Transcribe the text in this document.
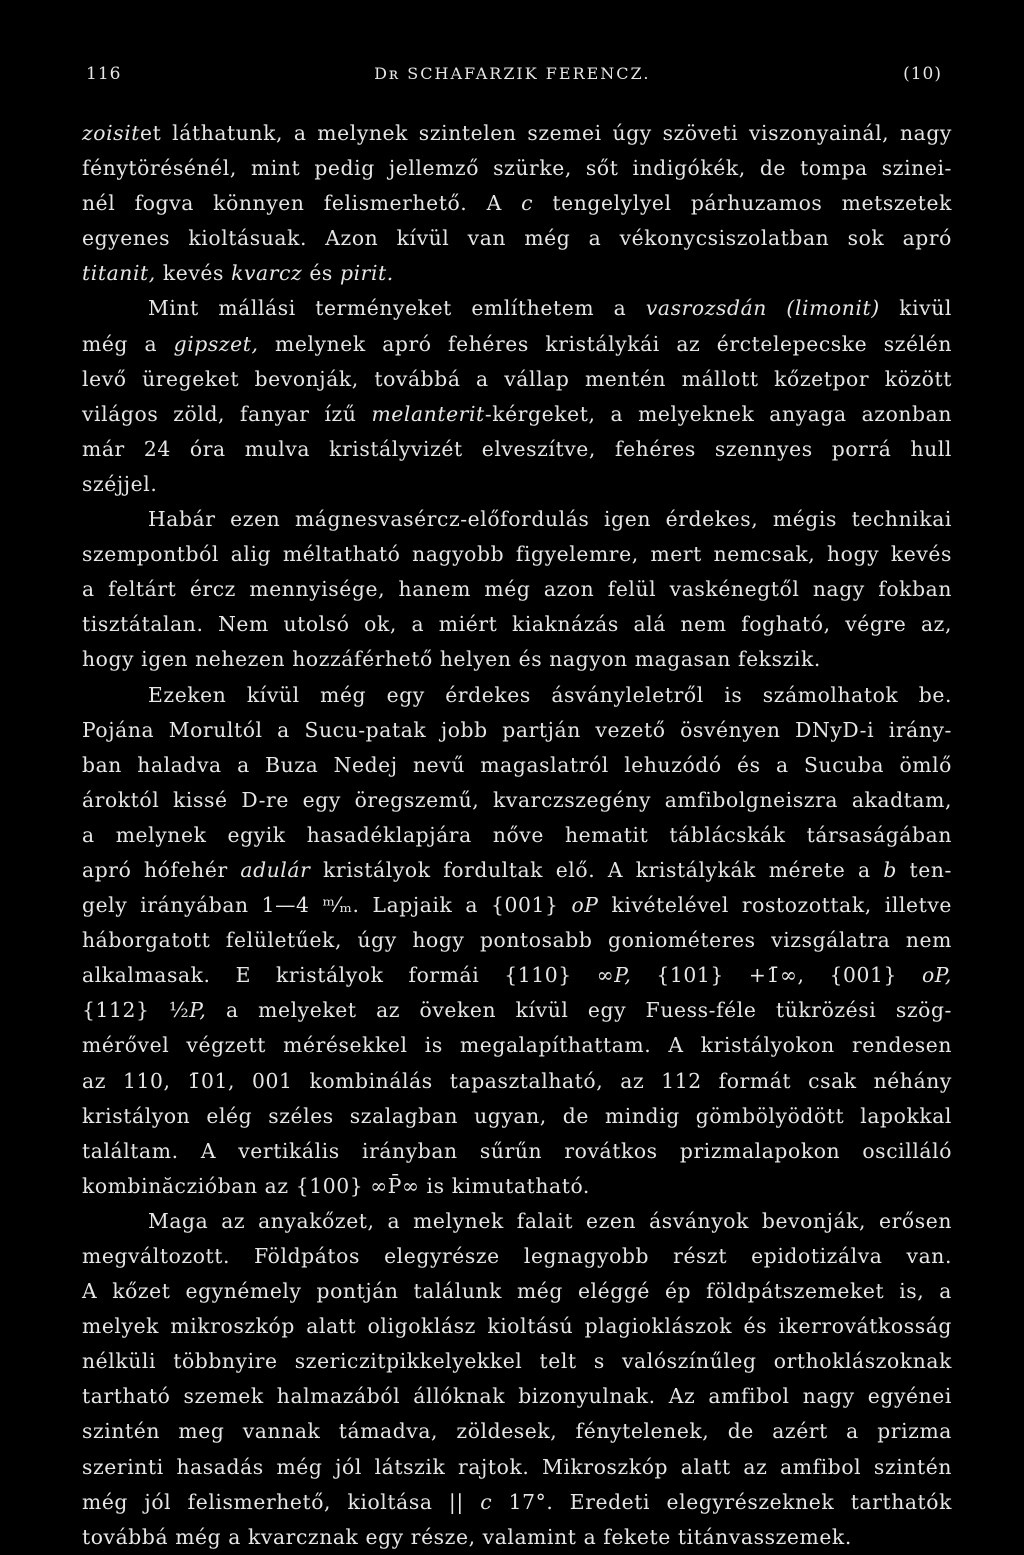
116	Dʀ SCHAFARZIK FERENCZ.	(10)
zoisitet láthatunk, a melynek szintelen szemei úgy szöveti viszonyainál, nagy
fénytörésénél, mint pedig jellemző szürke, sőt indigókék, de tompa szinei-
nél fogva könnyen felismerhető. A c tengelylyel párhuzamos metszetek
egyenes kioltásuak. Azon kívül van még a vékonycsiszolatban sok apró
titanit, kevés kvarcz és pirit.
Mint mállási terményeket említhetem a vasrozsdán (limonit) kivül
még a gipszet, melynek apró fehéres kristálykái az érctelepecske szélén
levő üregeket bevonják, továbbá a vállap mentén mállott kőzetpor között
világos zöld, fanyar ízű melanterit-kérgeket, a melyeknek anyaga azonban
már 24 óra mulva kristályvizét elveszítve, fehéres szennyes porrá hull
széjjel.
Habár ezen mágnesvasércz-előfordulás igen érdekes, mégis technikai
szempontból alig méltatható nagyobb figyelemre, mert nemcsak, hogy kevés
a feltárt ércz mennyisége, hanem még azon felül vaskénegtől nagy fokban
tisztátalan. Nem utolsó ok, a miért kiaknázás alá nem fogható, végre az,
hogy igen nehezen hozzáférhető helyen és nagyon magasan fekszik.
Ezeken kívül még egy érdekes ásványleletről is számolhatok be.
Pojána Morultól a Sucu-patak jobb partján vezető ösvényen DNyD-i irány-
ban haladva a Buza Nedej nevű magaslatról lehuzódó és a Sucuba ömlő
ároktól kissé D-re egy öregszemű, kvarczszegény amfibolgneiszra akadtam,
a melynek egyik hasadéklapjára nőve hematit táblácskák társaságában
apró hófehér adulár kristályok fordultak elő. A kristálykák mérete a b ten-
gely irányában 1—4 ᵐ⁄ₘ. Lapjaik a {001} oP kivételével rostozottak, illetve
háborgatott felületűek, úgy hogy pontosabb goniométeres vizsgálatra nem
alkalmasak. E kristályok formái {110} ∞P, {101} +1̄∞, {001} oP,
{112} ½P, a melyeket az öveken kívül egy Fuess-féle tükrözési szög-
mérővel végzett mérésekkel is megalapíthattam. A kristályokon rendesen
az 110, 1̄01, 001 kombinálás tapasztalható, az 112 formát csak néhány
kristályon elég széles szalagban ugyan, de mindig gömbölyödött lapokkal
találtam. A vertikális irányban sűrűn rovátkos prizmalapokon oscilláló
kombinăczióban az {100} ∞P̄∞ is kimutatható.
Maga az anyakőzet, a melynek falait ezen ásványok bevonják, erősen
megváltozott. Földpátos elegyrésze legnagyobb részt epidotizálva van.
A kőzet egynémely pontján találunk még eléggé ép földpátszemeket is, a
melyek mikroszkóp alatt oligoklász kioltású plagioklászok és ikerrovátkosság
nélküli többnyire szericzitpikkelyekkel telt s valószínűleg orthoklászoknak
tartható szemek halmazából állóknak bizonyulnak. Az amfibol nagy egyénei
szintén meg vannak támadva, zöldesek, fénytelenek, de azért a prizma
szerinti hasadás még jól látszik rajtok. Mikroszkóp alatt az amfibol szintén
még jól felismerhető, kioltása || c 17°. Eredeti elegyrészeknek tarthatók
továbbá még a kvarcznak egy része, valamint a fekete titánvasszemek.
